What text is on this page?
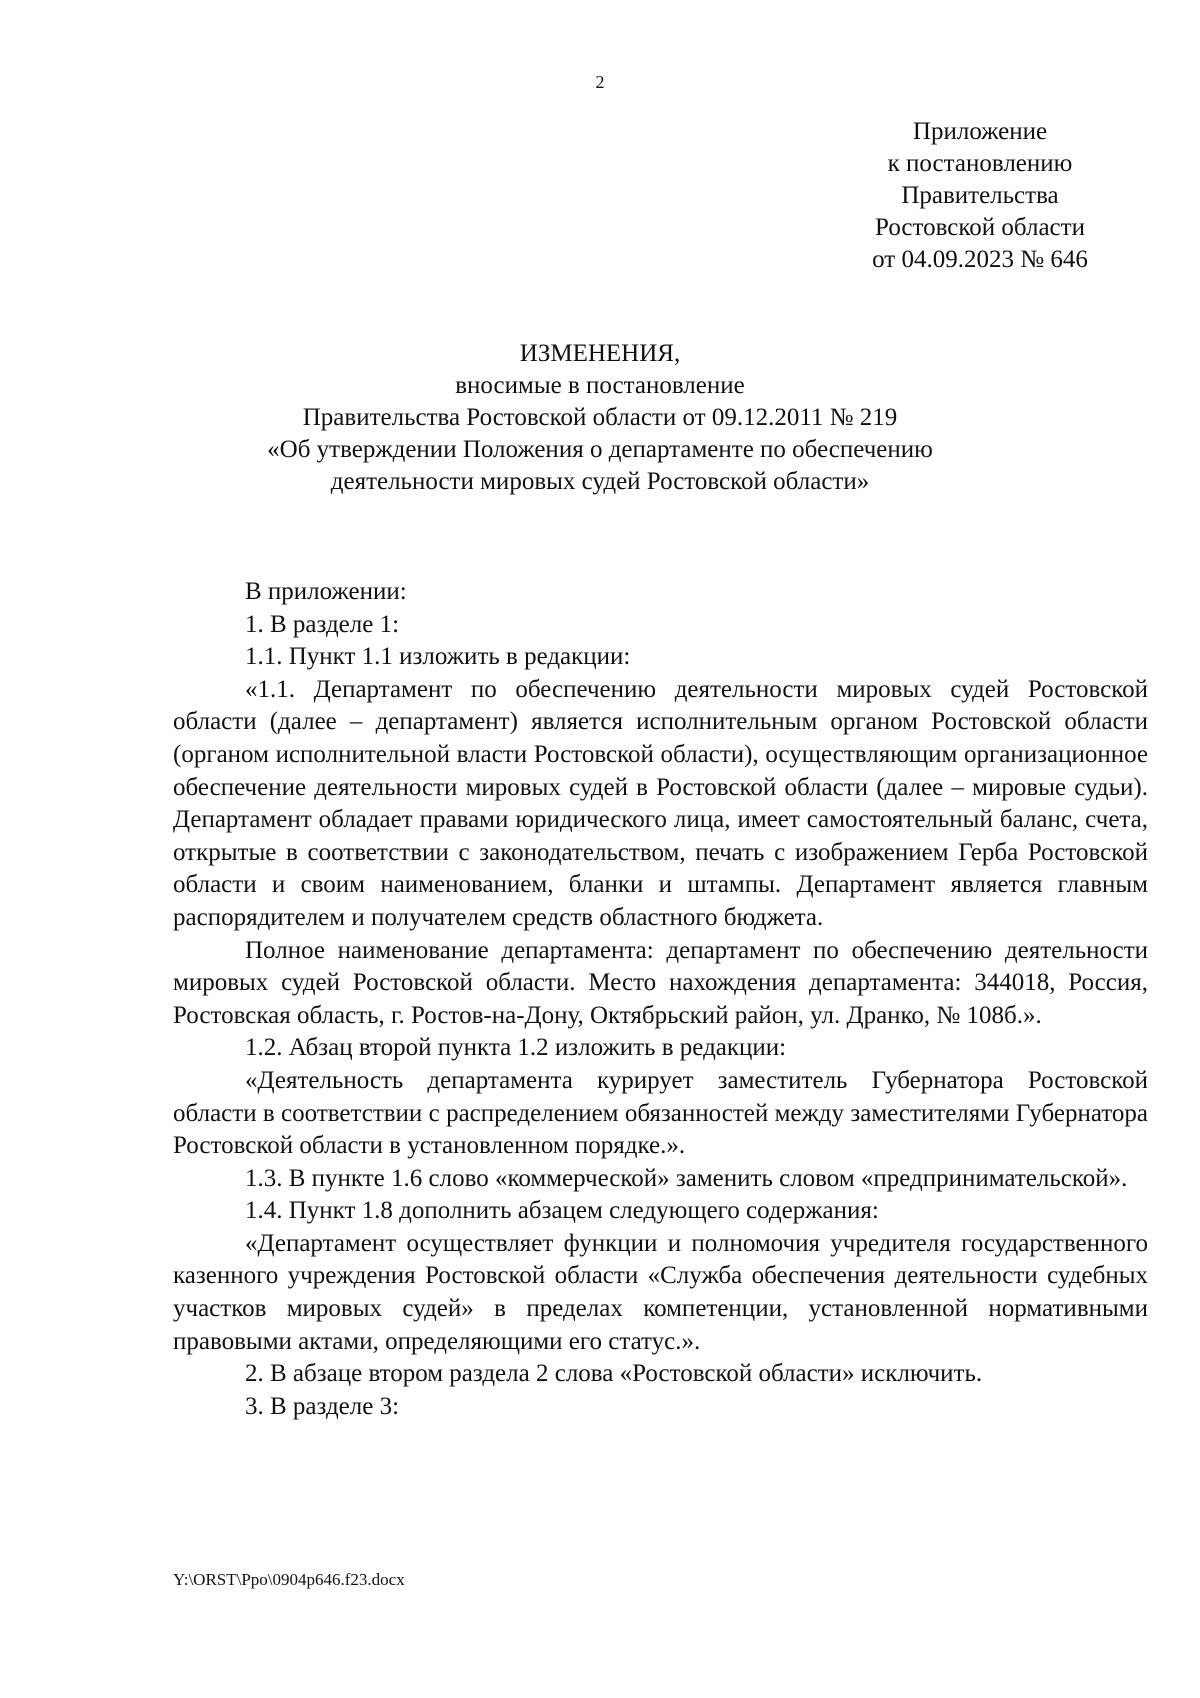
2
Приложение
к постановлению
Правительства
Ростовской области
от 04.09.2023 № 646
ИЗМЕНЕНИЯ,
вносимые в постановление
Правительства Ростовской области от 09.12.2011 № 219
«Об утверждении Положения о департаменте по обеспечению
деятельности мировых судей Ростовской области»

В приложении:

1. В разделе 1:

1.1. Пункт 1.1 изложить в редакции:

«1.1. Департамент по обеспечению деятельности мировых судей Ростовской области (далее – департамент) является исполнительным органом Ростовской области (органом исполнительной власти Ростовской области), осуществляющим организационное обеспечение деятельности мировых судей в Ростовской области (далее – мировые судьи). Департамент обладает правами юридического лица, имеет самостоятельный баланс, счета, открытые в соответствии с законодательством, печать с изображением Герба Ростовской области и своим наименованием, бланки и штампы. Департамент является главным распорядителем и получателем средств областного бюджета.

Полное наименование департамента: департамент по обеспечению деятельности мировых судей Ростовской области. Место нахождения департамента: 344018, Россия, Ростовская область, г. Ростов-на-Дону, Октябрьский район, ул. Дранко, № 108б.».

1.2. Абзац второй пункта 1.2 изложить в редакции:

«Деятельность департамента курирует заместитель Губернатора Ростовской области в соответствии с распределением обязанностей между заместителями Губернатора Ростовской области в установленном порядке.».

1.3. В пункте 1.6 слово «коммерческой» заменить словом «предпринимательской».

1.4. Пункт 1.8 дополнить абзацем следующего содержания:

«Департамент осуществляет функции и полномочия учредителя государственного казенного учреждения Ростовской области «Служба обеспечения деятельности судебных участков мировых судей» в пределах компетенции, установленной нормативными правовыми актами, определяющими его статус.».

2. В абзаце втором раздела 2 слова «Ростовской области» исключить.

3. В разделе 3:

Y:\ORST\Ppo\0904p646.f23.docx
